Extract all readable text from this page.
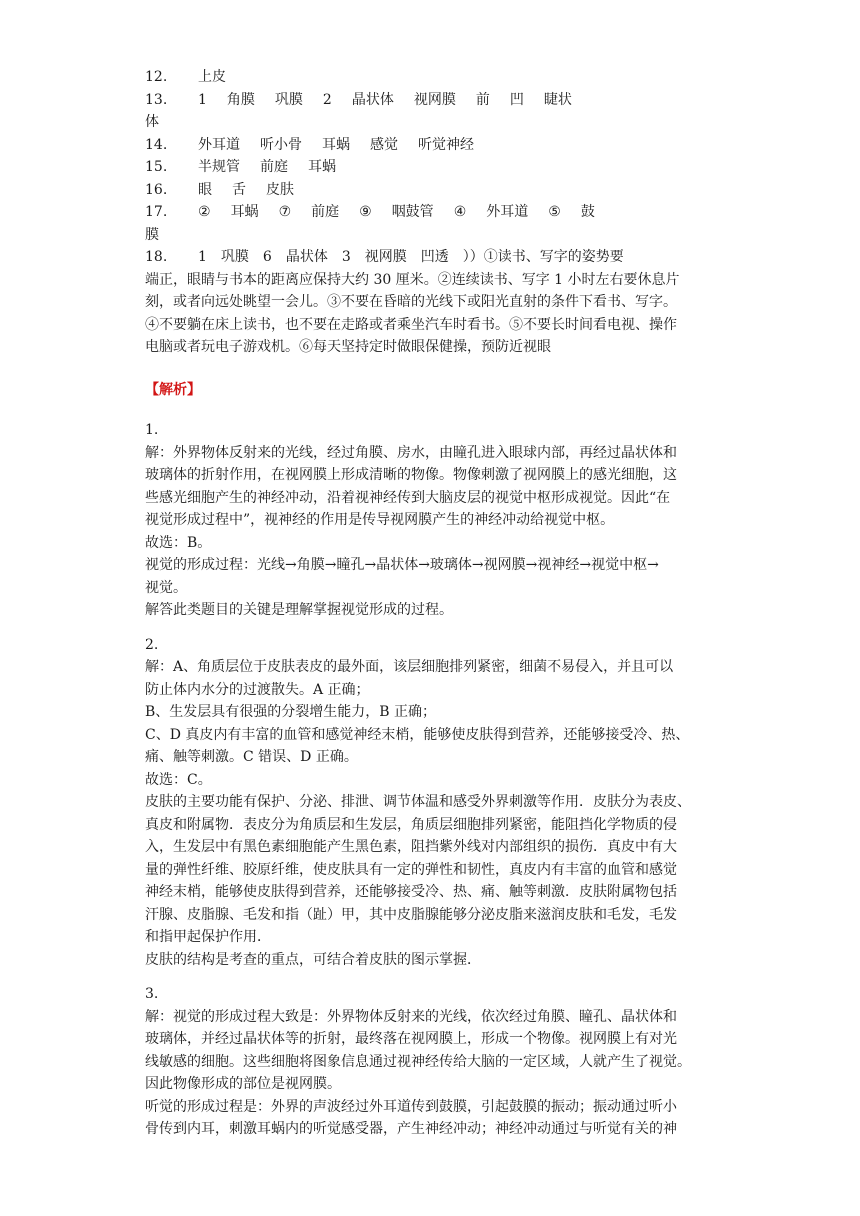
12.	上皮
13.	1 角膜 巩膜 2 晶状体 视网膜 前 凹 睫状
体
14.	外耳道 听小骨 耳蜗 感觉 听觉神经
15.	半规管 前庭 耳蜗
16.	眼 舌 皮肤
17.	② 耳蜗 ⑦ 前庭 ⑨ 咽鼓管 ④ 外耳道 ⑤ 鼓
膜
18.	1 巩膜 6 晶状体 3 视网膜 凹透 ））①读书、写字的姿势要
端正，眼睛与书本的距离应保持大约 30 厘米。②连续读书、写字 1 小时左右要休息片
刻，或者向远处眺望一会儿。③不要在昏暗的光线下或阳光直射的条件下看书、写字。
④不要躺在床上读书，也不要在走路或者乘坐汽车时看书。⑤不要长时间看电视、操作
电脑或者玩电子游戏机。⑥每天坚持定时做眼保健操，预防近视眼
【解析】
1.
解：外界物体反射来的光线，经过角膜、房水，由瞳孔进入眼球内部，再经过晶状体和
玻璃体的折射作用，在视网膜上形成清晰的物像。物像刺激了视网膜上的感光细胞，这
些感光细胞产生的神经冲动，沿着视神经传到大脑皮层的视觉中枢形成视觉。因此“在
视觉形成过程中”，视神经的作用是传导视网膜产生的神经冲动给视觉中枢。
故选：B。
视觉的形成过程：光线→角膜→瞳孔→晶状体→玻璃体→视网膜→视神经→视觉中枢→
视觉。
解答此类题目的关键是理解掌握视觉形成的过程。
2.
解：A、角质层位于皮肤表皮的最外面，该层细胞排列紧密，细菌不易侵入，并且可以
防止体内水分的过渡散失。A 正确；
B、生发层具有很强的分裂增生能力，B 正确；
C、D 真皮内有丰富的血管和感觉神经末梢，能够使皮肤得到营养，还能够接受冷、热、
痛、触等刺激。C 错误、D 正确。
故选：C。
皮肤的主要功能有保护、分泌、排泄、调节体温和感受外界刺激等作用．皮肤分为表皮、
真皮和附属物．表皮分为角质层和生发层，角质层细胞排列紧密，能阻挡化学物质的侵
入，生发层中有黑色素细胞能产生黑色素，阻挡紫外线对内部组织的损伤．真皮中有大
量的弹性纤维、胶原纤维，使皮肤具有一定的弹性和韧性，真皮内有丰富的血管和感觉
神经末梢，能够使皮肤得到营养，还能够接受冷、热、痛、触等刺激．皮肤附属物包括
汗腺、皮脂腺、毛发和指（趾）甲，其中皮脂腺能够分泌皮脂来滋润皮肤和毛发，毛发
和指甲起保护作用．
皮肤的结构是考查的重点，可结合着皮肤的图示掌握．
3.
解：视觉的形成过程大致是：外界物体反射来的光线，依次经过角膜、瞳孔、晶状体和
玻璃体，并经过晶状体等的折射，最终落在视网膜上，形成一个物像。视网膜上有对光
线敏感的细胞。这些细胞将图象信息通过视神经传给大脑的一定区域，人就产生了视觉。
因此物像形成的部位是视网膜。
听觉的形成过程是：外界的声波经过外耳道传到鼓膜，引起鼓膜的振动；振动通过听小
骨传到内耳，刺激耳蜗内的听觉感受器，产生神经冲动；神经冲动通过与听觉有关的神
